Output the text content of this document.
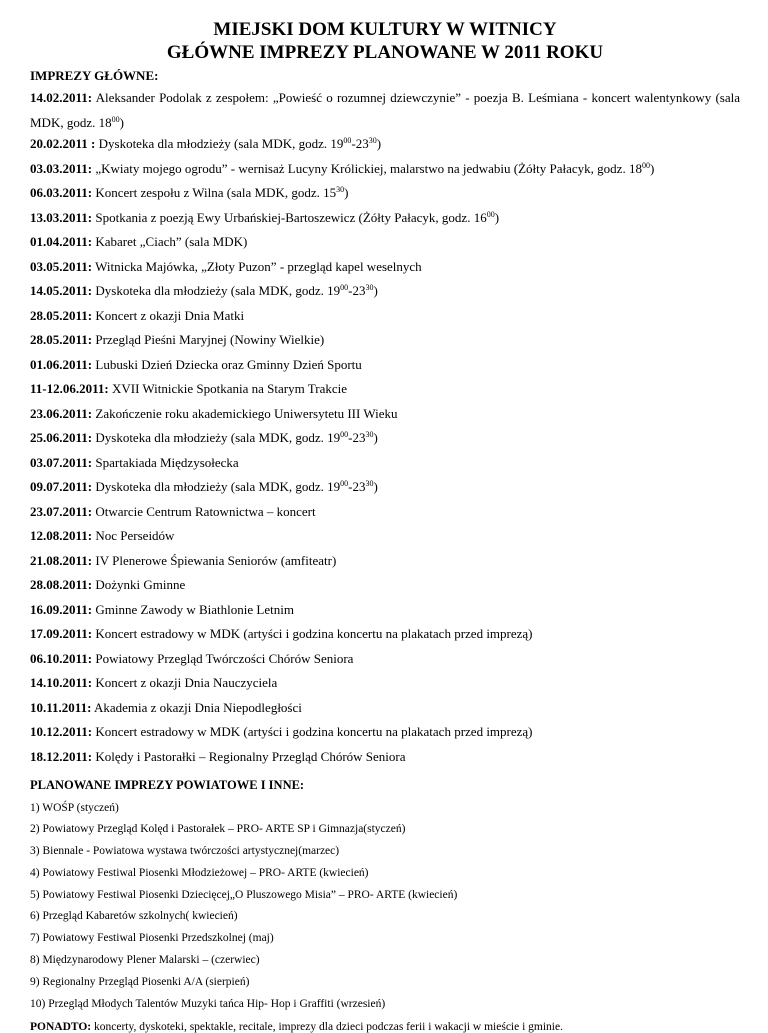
MIEJSKI DOM KULTURY W WITNICY
GŁÓWNE IMPREZY PLANOWANE W 2011 ROKU
IMPREZY GŁÓWNE:

14.02.2011: Aleksander Podolak z zespołem: „Powieść o rozumnej dziewczynie” - poezja B. Leśmiana - koncert walentynkowy (sala MDK, godz. $18^{00}$)

20.02.2011 : Dyskoteka dla młodzieży (sala MDK, godz. $19^{00}-23^{30}$)

03.03.2011: „Kwiaty mojego ogrodu” - wernisaż Lucyny Królickiej, malarstwo na jedwabiu (Żółty Pałacyk, godz. $18^{00}$)

06.03.2011: Koncert zespołu z Wilna (sala MDK, godz. $15^{30}$)

13.03.2011: Spotkania z poezją Ewy Urbańskiej-Bartoszewicz (Żółty Pałacyk, godz. $16^{00}$)

01.04.2011: Kabaret „Ciach” (sala MDK)

03.05.2011: Witnicka Majówka, „Złoty Puzon” - przegląd kapel weselnych

14.05.2011: Dyskoteka dla młodzieży (sala MDK, godz. $19^{00}-23^{30}$)

28.05.2011: Koncert z okazji Dnia Matki

28.05.2011: Przegląd Pieśni Maryjnej (Nowiny Wielkie)

01.06.2011: Lubuski Dzień Dziecka oraz Gminny Dzień Sportu

11-12.06.2011: XVII Witnickie Spotkania na Starym Trakcie

23.06.2011: Zakończenie roku akademickiego Uniwersytetu III Wieku

25.06.2011: Dyskoteka dla młodzieży (sala MDK, godz. $19^{00}-23^{30}$)

03.07.2011: Spartakiada Międzysołecka

09.07.2011: Dyskoteka dla młodzieży (sala MDK, godz. $19^{00}-23^{30}$)

23.07.2011: Otwarcie Centrum Ratownictwa – koncert

12.08.2011: Noc Perseidów

21.08.2011: IV Plenerowe Śpiewania Seniorów (amfiteatr)

28.08.2011: Dożynki Gminne

16.09.2011: Gminne Zawody w Biathlonie Letnim

17.09.2011: Koncert estradowy w MDK (artyści i godzina koncertu na plakatach przed imprezą)

06.10.2011: Powiatowy Przegląd Twórczości Chórów Seniora

14.10.2011: Koncert z okazji Dnia Nauczyciela

10.11.2011: Akademia z okazji Dnia Niepodległości

10.12.2011: Koncert estradowy w MDK (artyści i godzina koncertu na plakatach przed imprezą)

18.12.2011: Kolędy i Pastorałki – Regionalny Przegląd Chórów Seniora

PLANOWANE IMPREZY POWIATOWE I INNE:
1) WOŚP (styczeń)
2) Powiatowy Przegląd Kolęd i Pastorałek – PRO- ARTE SP i Gimnazja(styczeń)
3) Biennale - Powiatowa wystawa twórczości artystycznej(marzec)
4) Powiatowy Festiwal Piosenki Młodzieżowej – PRO- ARTE (kwiecień)
5) Powiatowy Festiwal Piosenki Dziecięcej„O Pluszowego Misia” – PRO- ARTE (kwiecień)
6) Przegląd Kabaretów szkolnych( kwiecień)
7) Powiatowy Festiwal Piosenki Przedszkolnej (maj)
8) Międzynarodowy Plener Malarski – (czerwiec)
9) Regionalny Przegląd Piosenki A/A (sierpień)
10) Przegląd Młodych Talentów Muzyki tańca Hip- Hop i Graffiti (wrzesień)
PONADTO: koncerty, dyskoteki, spektakle, recitale, imprezy dla dzieci podczas ferii i wakacji w mieście i gminie.
